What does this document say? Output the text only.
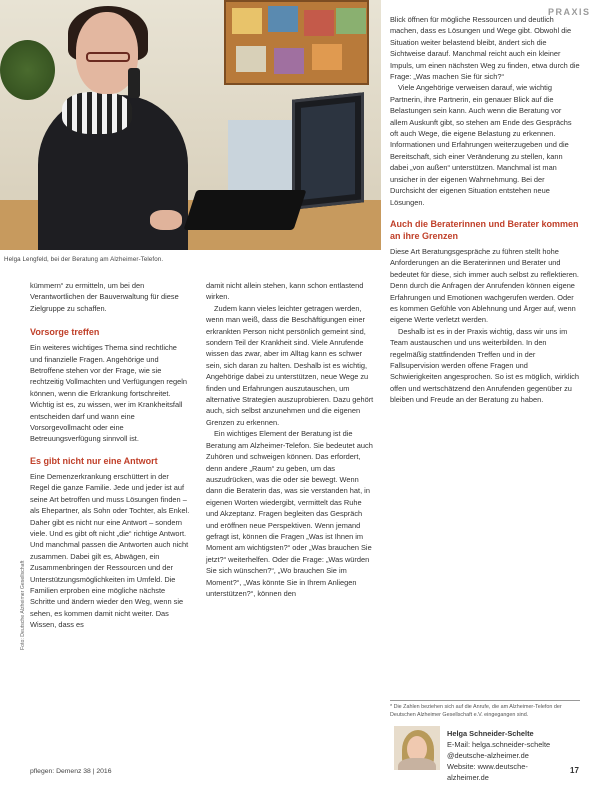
Helga Lengfeld, bei der Beratung am Alzheimer-Telefon.
PRAXIS

kümmern“ zu ermitteln, um bei den Verantwortlichen der Bauverwaltung für diese Zielgruppe zu schaffen.

Vorsorge treffen

Ein weiteres wichtiges Thema sind rechtliche und finanzielle Fragen. Angehörige und Betroffene stehen vor der Frage, wie sie rechtzeitig Vollmachten und Verfügungen regeln können, wenn die Erkrankung fortschreitet. Wichtig ist es, zu wissen, wer im Krankheitsfall entscheiden darf und wann eine Vorsorgevollmacht oder eine Betreuungsverfügung sinnvoll ist.

Es gibt nicht nur eine Antwort

Eine Demenzerkrankung erschüttert in der Regel die ganze Familie. Jede und jeder ist auf seine Art betroffen und muss Lösungen finden – als Ehepartner, als Sohn oder Tochter, als Enkel. Daher gibt es nicht nur eine Antwort – sondern viele. Und es gibt oft nicht „die“ richtige Antwort. Und manchmal passen die Antworten auch nicht zusammen. Dabei gilt es, Abwägen, ein Zusammenbringen der Ressourcen und der Unterstützungsmöglichkeiten im Umfeld. Die Familien erproben eine mögliche nächste Schritte und ändern wieder den Weg, wenn sie sehen, es kommen damit nicht weiter. Das Wissen, dass es

damit nicht allein stehen, kann schon entlastend wirken.

Zudem kann vieles leichter getragen werden, wenn man weiß, dass die Beschäftigungen einer erkrankten Person nicht persönlich gemeint sind, sondern Teil der Krankheit sind. Viele Anrufende wissen das zwar, aber im Alltag kann es schwer sein, sich daran zu halten. Deshalb ist es wichtig, Angehörige dabei zu unterstützen, neue Wege zu finden und Erfahrungen auszutauschen, um alternative Strategien auszuprobieren. Dazu gehört auch, sich selbst anzunehmen und die eigenen Grenzen zu erkennen.

Ein wichtiges Element der Beratung ist die Beratung am Alzheimer-Telefon. Sie bedeutet auch Zuhören und schweigen können. Das erfordert, denn andere „Raum“ zu geben, um das auszudrücken, was die oder sie bewegt. Wenn dann die Beraterin das, was sie verstanden hat, in eigenen Worten wiedergibt, vermittelt das Ruhe und Akzeptanz. Fragen begleiten das Gespräch und eröffnen neue Perspektiven. Wenn jemand gefragt ist, können die Fragen „Was ist Ihnen im Moment am wichtigsten?“ oder „Was brauchen Sie jetzt?“ weiterhelfen. Oder die Frage: „Was würden Sie sich wünschen?“, „Wo brauchen Sie im Moment?“, „Was könnte Sie in Ihrem Anliegen unterstützen?“, können den

Blick öffnen für mögliche Ressourcen und deutlich machen, dass es Lösungen und Wege gibt. Obwohl die Situation weiter belastend bleibt, ändert sich die Sichtweise darauf. Manchmal reicht auch ein kleiner Impuls, um einen nächsten Weg zu finden, etwa durch die Frage: „Was machen Sie für sich?“

Viele Angehörige verweisen darauf, wie wichtig Partnerin, ihre Partnerin, ein genauer Blick auf die Belastungen sein kann. Auch wenn die Beratung vor allem Auskunft gibt, so stehen am Ende des Gesprächs oft auch Wege, die eigene Belastung zu erkennen. Informationen und Erfahrungen weiterzugeben und die Bereitschaft, sich einer Veränderung zu stellen, kann dabei „von außen“ unterstützen. Manchmal ist man unsicher in der eigenen Wahrnehmung. Bei der Durchsicht der eigenen Situation entstehen neue Lösungen.

Auch die Beraterinnen und Berater kommen an ihre Grenzen

Diese Art Beratungsgespräche zu führen stellt hohe Anforderungen an die Beraterinnen und Berater und bedeutet für diese, sich immer auch selbst zu reflektieren. Denn durch die Anfragen der Anrufenden können eigene Erfahrungen und Emotionen wachgerufen werden. Oder es kommen Gefühle von Ablehnung und Ärger auf, wenn eigene Werte verletzt werden.

Deshalb ist es in der Praxis wichtig, dass wir uns im Team austauschen und uns weiterbilden. In den regelmäßig stattfindenden Treffen und in der Fallsupervision werden offene Fragen und Schwierigkeiten angesprochen. So ist es möglich, wirklich offen und wertschätzend den Anrufenden gegenüber zu bleiben und Freude an der Beratung zu haben.

Foto: Deutsche Alzheimer Gesellschaft
* Die Zahlen beziehen sich auf die Anrufe, die am Alzheimer-Telefon der Deutschen Alzheimer Gesellschaft e.V. eingegangen sind.
Helga Schneider-Schelte
E-Mail: helga.schneider-schelte
@deutsche-alzheimer.de
Website: www.deutsche-
alzheimer.de
pflegen: Demenz 38 | 2016	17
